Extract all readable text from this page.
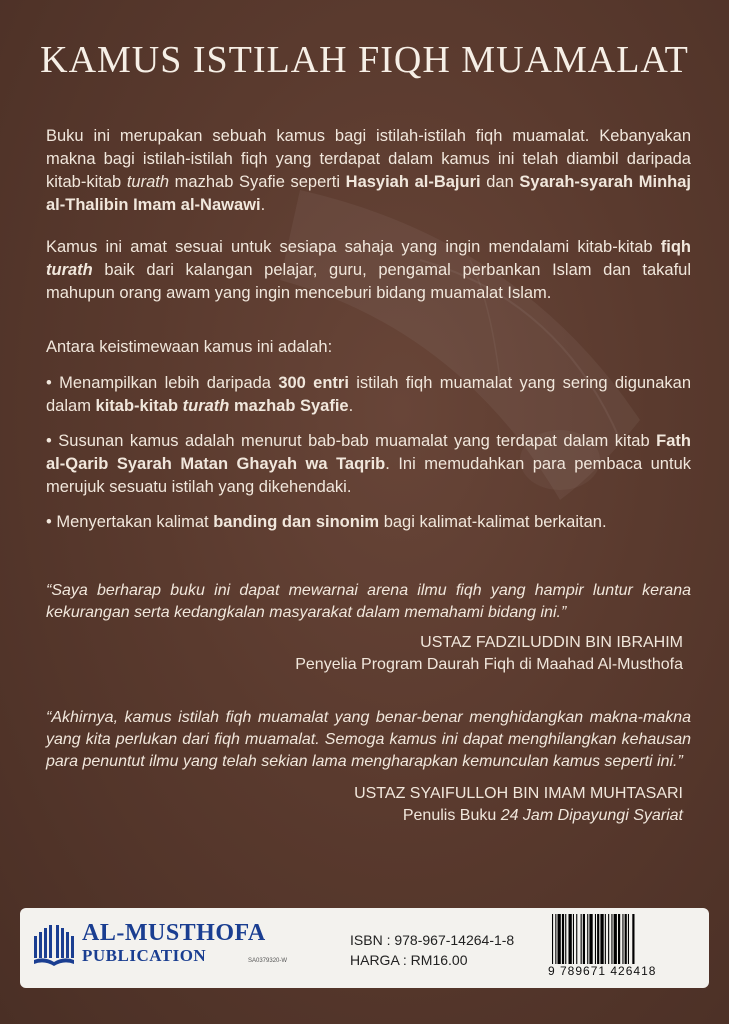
KAMUS ISTILAH FIQH MUAMALAT

Buku ini merupakan sebuah kamus bagi istilah-istilah fiqh muamalat. Kebanyakan makna bagi istilah-istilah fiqh yang terdapat dalam kamus ini telah diambil daripada kitab-kitab turath mazhab Syafie seperti Hasyiah al-Bajuri dan Syarah-syarah Minhaj al-Thalibin Imam al-Nawawi.

Kamus ini amat sesuai untuk sesiapa sahaja yang ingin mendalami kitab-kitab fiqh turath baik dari kalangan pelajar, guru, pengamal perbankan Islam dan takaful mahupun orang awam yang ingin menceburi bidang muamalat Islam.

Antara keistimewaan kamus ini adalah:

• Menampilkan lebih daripada 300 entri istilah fiqh muamalat yang sering digunakan dalam kitab-kitab turath mazhab Syafie.

• Susunan kamus adalah menurut bab-bab muamalat yang terdapat dalam kitab Fath al-Qarib Syarah Matan Ghayah wa Taqrib. Ini memudahkan para pembaca untuk merujuk sesuatu istilah yang dikehendaki.

• Menyertakan kalimat banding dan sinonim bagi kalimat-kalimat berkaitan.

“Saya berharap buku ini dapat mewarnai arena ilmu fiqh yang hampir luntur kerana kekurangan serta kedangkalan masyarakat dalam memahami bidang ini.”
USTAZ FADZILUDDIN BIN IBRAHIM
Penyelia Program Daurah Fiqh di Maahad Al-Musthofa
“Akhirnya, kamus istilah fiqh muamalat yang benar-benar menghidangkan makna-makna yang kita perlukan dari fiqh muamalat. Semoga kamus ini dapat menghilangkan kehausan para penuntut ilmu yang telah sekian lama mengharapkan kemunculan kamus seperti ini.”
USTAZ SYAIFULLOH BIN IMAM MUHTASARI
Penulis Buku 24 Jam Dipayungi Syariat
AL-MUSTHOFA
PUBLICATION	SA0379320-W
ISBN : 978-967-14264-1-8
HARGA : RM16.00
9 789671 426418
